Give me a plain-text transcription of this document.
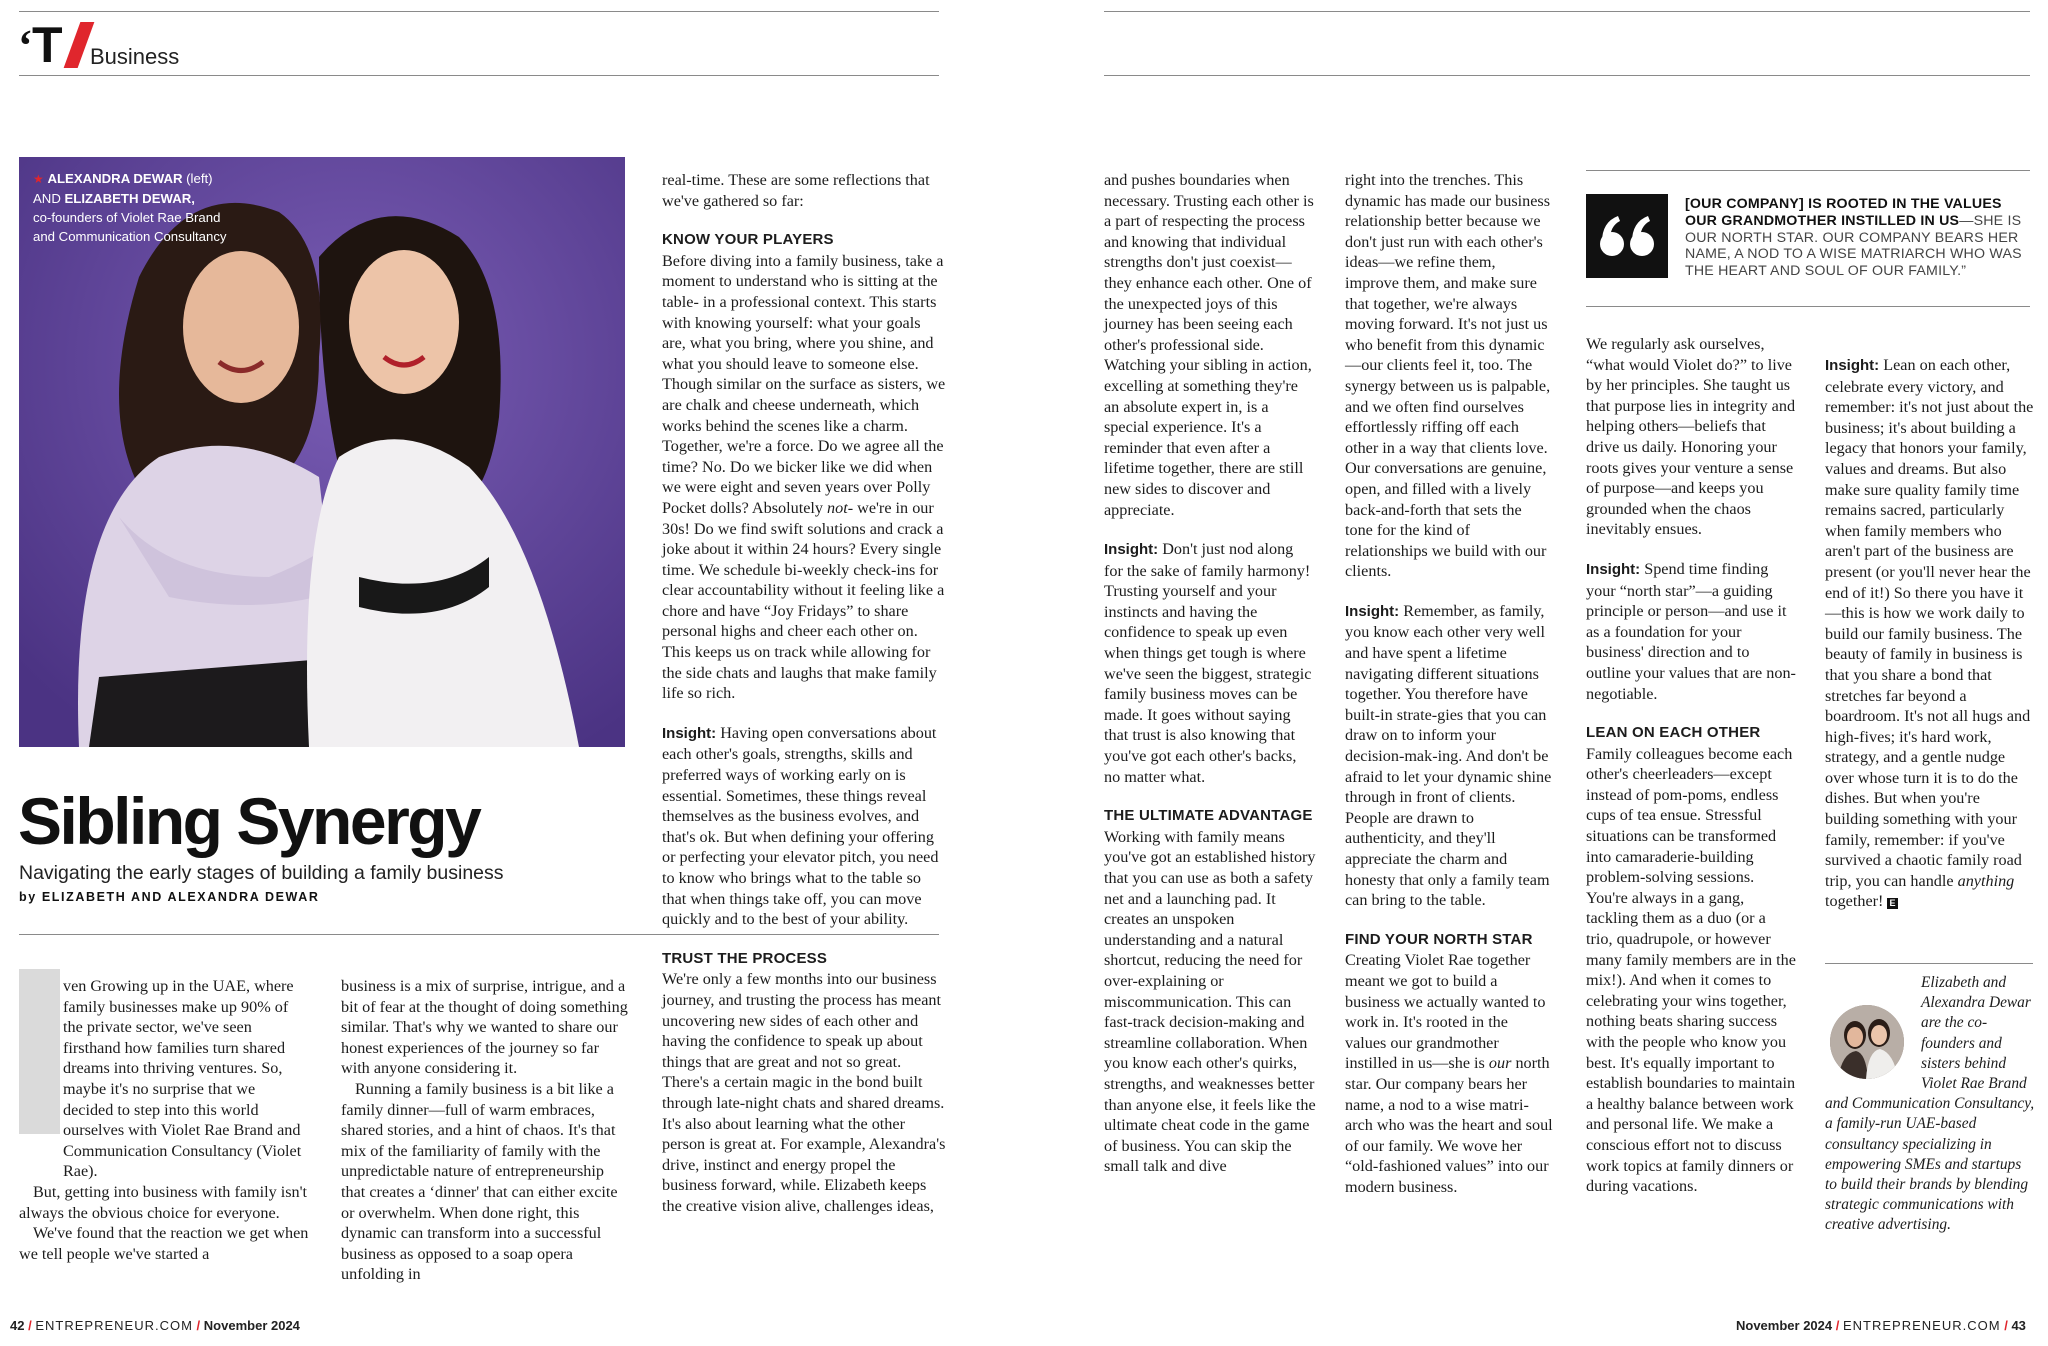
‘ T Business
★ ALEXANDRA DEWAR (left)
AND ELIZABETH DEWAR,
co-founders of Violet Rae Brand and Communication Consultancy
Sibling Synergy
Navigating the early stages of building a family business
by ELIZABETH AND ALEXANDRA DEWAR

ven Growing up in the UAE, where family businesses make up 90% of the private sector, we've seen firsthand how families turn shared dreams into thriving ventures. So, maybe it's no surprise that we decided to step into this world ourselves with Violet Rae Brand and Communication Consultancy (Violet Rae).

But, getting into business with family isn't always the obvious choice for everyone.

We've found that the reaction we get when we tell people we've started a

business is a mix of surprise, intrigue, and a bit of fear at the thought of doing something similar. That's why we wanted to share our honest experiences of the journey so far with anyone considering it.

Running a family business is a bit like a family dinner—full of warm embraces, shared stories, and a hint of chaos. It's that mix of the familiarity of family with the unpredictable nature of entrepreneurship that creates a ‘dinner' that can either excite or overwhelm. When done right, this dynamic can transform into a successful business as opposed to a soap opera unfolding in

real-time. These are some reflections that we've gathered so far:

KNOW YOUR PLAYERS

Before diving into a family business, take a moment to understand who is sitting at the table- in a professional context. This starts with knowing yourself: what your goals are, what you bring, where you shine, and what you should leave to someone else. Though similar on the surface as sisters, we are chalk and cheese underneath, which works behind the scenes like a charm. Together, we're a force. Do we agree all the time? No. Do we bicker like we did when we were eight and seven years over Polly Pocket dolls? Absolutely not- we're in our 30s! Do we find swift solutions and crack a joke about it within 24 hours? Every single time. We schedule bi-weekly check-ins for clear accountability without it feeling like a chore and have “Joy Fridays” to share personal highs and cheer each other on. This keeps us on track while allowing for the side chats and laughs that make family life so rich.

Insight: Having open conversations about each other's goals, strengths, skills and preferred ways of working early on is essential. Sometimes, these things reveal themselves as the business evolves, and that's ok. But when defining your offering or perfecting your elevator pitch, you need to know who brings what to the table so that when things take off, you can move quickly and to the best of your ability.

TRUST THE PROCESS

We're only a few months into our business journey, and trusting the process has meant uncovering new sides of each other and having the confidence to speak up about things that are great and not so great. There's a certain magic in the bond built through late-night chats and shared dreams. It's also about learning what the other person is great at. For example, Alexandra's drive, instinct and energy propel the business forward, while. Elizabeth keeps the creative vision alive, challenges ideas,

and pushes boundaries when necessary. Trusting each other is a part of respecting the process and knowing that individual strengths don't just coexist—they enhance each other. One of the unexpected joys of this journey has been seeing each other's professional side. Watching your sibling in action, excelling at something they're an absolute expert in, is a special experience. It's a reminder that even after a lifetime together, there are still new sides to discover and appreciate.

Insight: Don't just nod along for the sake of family harmony! Trusting yourself and your instincts and having the confidence to speak up even when things get tough is where we've seen the biggest, strategic family business moves can be made. It goes without saying that trust is also knowing that you've got each other's backs, no matter what.

THE ULTIMATE ADVANTAGE

Working with family means you've got an established history that you can use as both a safety net and a launching pad. It creates an unspoken understanding and a natural shortcut, reducing the need for over-explaining or miscommunication. This can fast-track decision-making and streamline collaboration. When you know each other's quirks, strengths, and weaknesses better than anyone else, it feels like the ultimate cheat code in the game of business. You can skip the small talk and dive

right into the trenches. This dynamic has made our business relationship better because we don't just run with each other's ideas—we refine them, improve them, and make sure that together, we're always moving forward. It's not just us who benefit from this dynamic—our clients feel it, too. The synergy between us is palpable, and we often find ourselves effortlessly riffing off each other in a way that clients love. Our conversations are genuine, open, and filled with a lively back-and-forth that sets the tone for the kind of relationships we build with our clients.

Insight: Remember, as family, you know each other very well and have spent a lifetime navigating different situations together. You therefore have built-in strate-gies that you can draw on to inform your decision-mak-ing. And don't be afraid to let your dynamic shine through in front of clients. People are drawn to authenticity, and they'll appreciate the charm and honesty that only a family team can bring to the table.

FIND YOUR NORTH STAR

Creating Violet Rae together meant we got to build a business we actually wanted to work in. It's rooted in the values our grandmother instilled in us—she is our north star. Our company bears her name, a nod to a wise matri-arch who was the heart and soul of our family. We wove her “old-fashioned values” into our modern business.

[OUR COMPANY] IS ROOTED IN THE VALUES OUR GRANDMOTHER INSTILLED IN US—SHE IS OUR NORTH STAR. OUR COMPANY BEARS HER NAME, A NOD TO A WISE MATRIARCH WHO WAS THE HEART AND SOUL OF OUR FAMILY.”

We regularly ask ourselves, “what would Violet do?” to live by her principles. She taught us that purpose lies in integrity and helping others—beliefs that drive us daily. Honoring your roots gives your venture a sense of purpose—and keeps you grounded when the chaos inevitably ensues.

Insight: Spend time finding your “north star”—a guiding principle or person—and use it as a foundation for your business' direction and to outline your values that are non-negotiable.

LEAN ON EACH OTHER

Family colleagues become each other's cheerleaders—except instead of pom-poms, endless cups of tea ensue. Stressful situations can be transformed into camaraderie-building problem-solving sessions. You're always in a gang, tackling them as a duo (or a trio, quadrupole, or however many family members are in the mix!). And when it comes to celebrating your wins together, nothing beats sharing success with the people who know you best. It's equally important to establish boundaries to maintain a healthy balance between work and personal life. We make a conscious effort not to discuss work topics at family dinners or during vacations.

Insight: Lean on each other, celebrate every victory, and remember: it's not just about the business; it's about building a legacy that honors your family, values and dreams. But also make sure quality family time remains sacred, particularly when family members who aren't part of the business are present (or you'll never hear the end of it!) So there you have it—this is how we work daily to build our family business. The beauty of family in business is that you share a bond that stretches far beyond a boardroom. It's not all hugs and high-fives; it's hard work, strategy, and a gentle nudge over whose turn it is to do the dishes. But when you're building something with your family, remember: if you've survived a chaotic family road trip, you can handle anything together! E

Elizabeth and Alexandra Dewar are the co-founders and sisters behind Violet Rae Brand and Communication Consultancy, a family-run UAE-based consultancy specializing in empowering SMEs and startups to build their brands by blending strategic communications with creative advertising.
42 / ENTREPRENEUR.COM / November 2024	November 2024 / ENTREPRENEUR.COM / 43
